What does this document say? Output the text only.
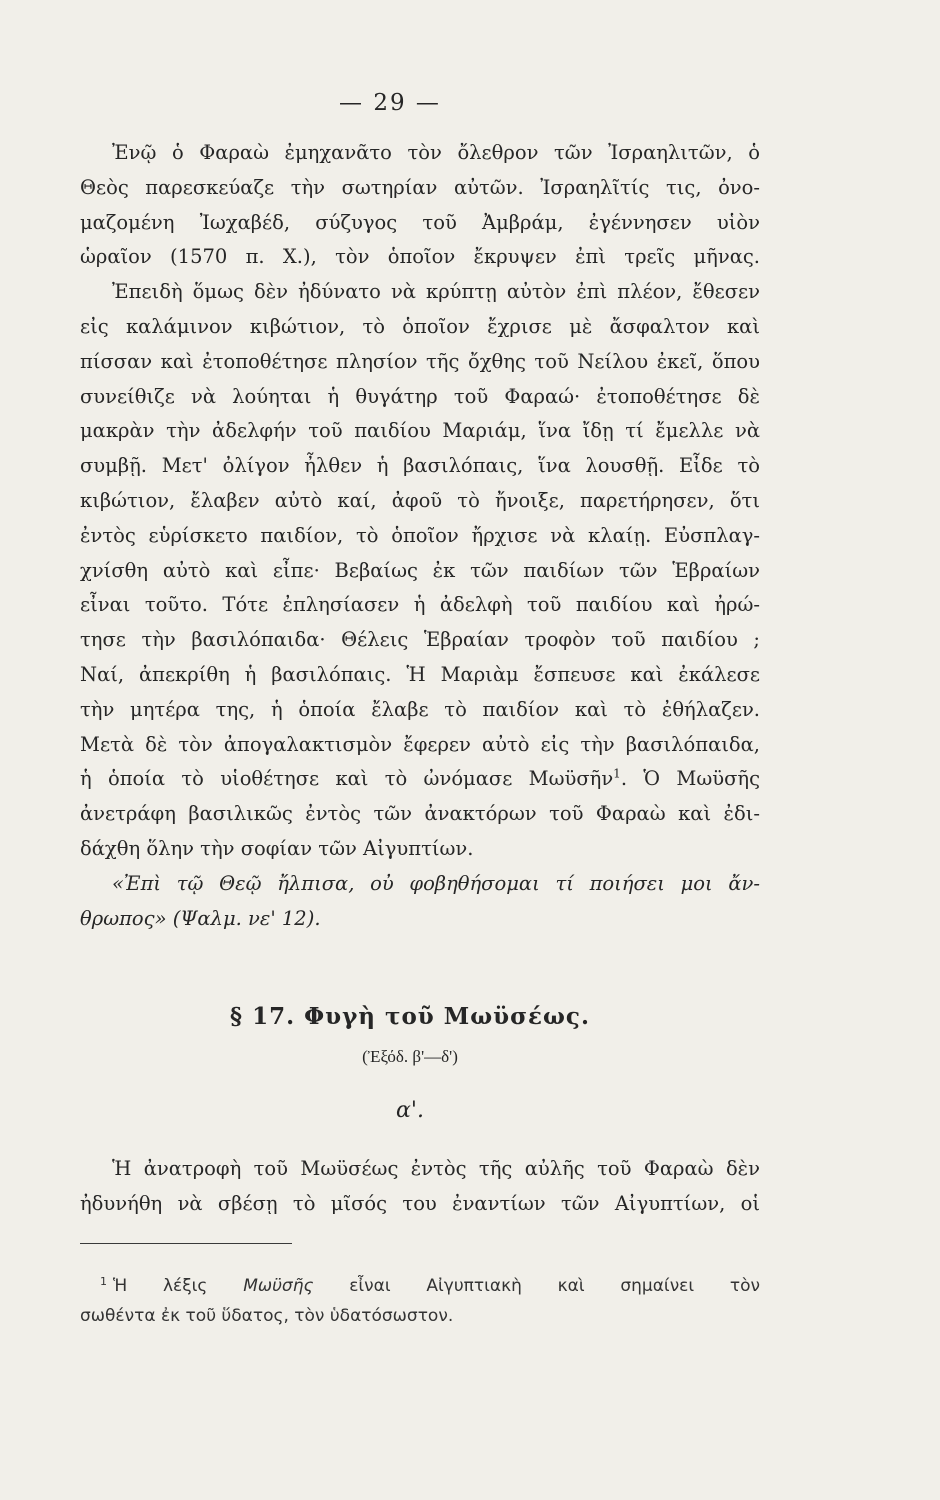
— 29 —
Ἐνῷ ὁ Φαραὼ ἐμηχανᾶτο τὸν ὄλεθρον τῶν Ἰσραηλιτῶν, ὁ
Θεὸς παρεσκεύαζε τὴν σωτηρίαν αὐτῶν. Ἰσραηλῖτίς τις, ὀνο-
μαζομένη Ἰωχαβέδ, σύζυγος τοῦ Ἀμβράμ, ἐγέννησεν υἱὸν
ὡραῖον (1570 π. Χ.), τὸν ὁποῖον ἔκρυψεν ἐπὶ τρεῖς μῆνας.
Ἐπειδὴ ὅμως δὲν ἠδύνατο νὰ κρύπτῃ αὐτὸν ἐπὶ πλέον, ἔθεσεν
εἰς καλάμινον κιβώτιον, τὸ ὁποῖον ἔχρισε μὲ ἄσφαλτον καὶ
πίσσαν καὶ ἐτοποθέτησε πλησίον τῆς ὄχθης τοῦ Νείλου ἐκεῖ, ὅπου
συνείθιζε νὰ λούηται ἡ θυγάτηρ τοῦ Φαραώ· ἐτοποθέτησε δὲ
μακρὰν τὴν ἀδελφήν τοῦ παιδίου Μαριάμ, ἵνα ἴδῃ τί ἔμελλε νὰ
συμβῇ. Μετ' ὀλίγον ἦλθεν ἡ βασιλόπαις, ἵνα λουσθῇ. Εἶδε τὸ
κιβώτιον, ἔλαβεν αὐτὸ καί, ἀφοῦ τὸ ἤνοιξε, παρετήρησεν, ὅτι
ἐντὸς εὑρίσκετο παιδίον, τὸ ὁποῖον ἤρχισε νὰ κλαίῃ. Εὐσπλαγ-
χνίσθη αὐτὸ καὶ εἶπε· Βεβαίως ἐκ τῶν παιδίων τῶν Ἑβραίων
εἶναι τοῦτο. Τότε ἐπλησίασεν ἡ ἀδελφὴ τοῦ παιδίου καὶ ἠρώ-
τησε τὴν βασιλόπαιδα· Θέλεις Ἑβραίαν τροφὸν τοῦ παιδίου ;
Ναί, ἀπεκρίθη ἡ βασιλόπαις. Ἡ Μαριὰμ ἔσπευσε καὶ ἐκάλεσε
τὴν μητέρα της, ἡ ὁποία ἔλαβε τὸ παιδίον καὶ τὸ ἐθήλαζεν.
Μετὰ δὲ τὸν ἀπογαλακτισμὸν ἔφερεν αὐτὸ εἰς τὴν βασιλόπαιδα,
ἡ ὁποία τὸ υἱοθέτησε καὶ τὸ ὠνόμασε Μωϋσῆν$^1$. Ὁ Μωϋσῆς
ἀνετράφη βασιλικῶς ἐντὸς τῶν ἀνακτόρων τοῦ Φαραὼ καὶ ἐδι-
δάχθη ὅλην τὴν σοφίαν τῶν Αἰγυπτίων.
«Ἐπὶ τῷ Θεῷ ἤλπισα, οὐ φοβηθήσομαι τί ποιήσει μοι ἄν-
θρωπος» (Ψαλμ. νε' 12).
§ 17. Φυγὴ τοῦ Μωϋσέως.
(Ἐξόδ. β'—δ')
α'.
Ἡ ἀνατροφὴ τοῦ Μωϋσέως ἐντὸς τῆς αὐλῆς τοῦ Φαραὼ δὲν
ἠδυνήθη νὰ σβέσῃ τὸ μῖσός του ἐναντίων τῶν Αἰγυπτίων, οἱ
$^1$ Ἡ λέξις Μωϋσῆς εἶναι Αἰγυπτιακὴ καὶ σημαίνει τὸν
σωθέντα ἐκ τοῦ ὕδατος, τὸν ὑδατόσωστον.
